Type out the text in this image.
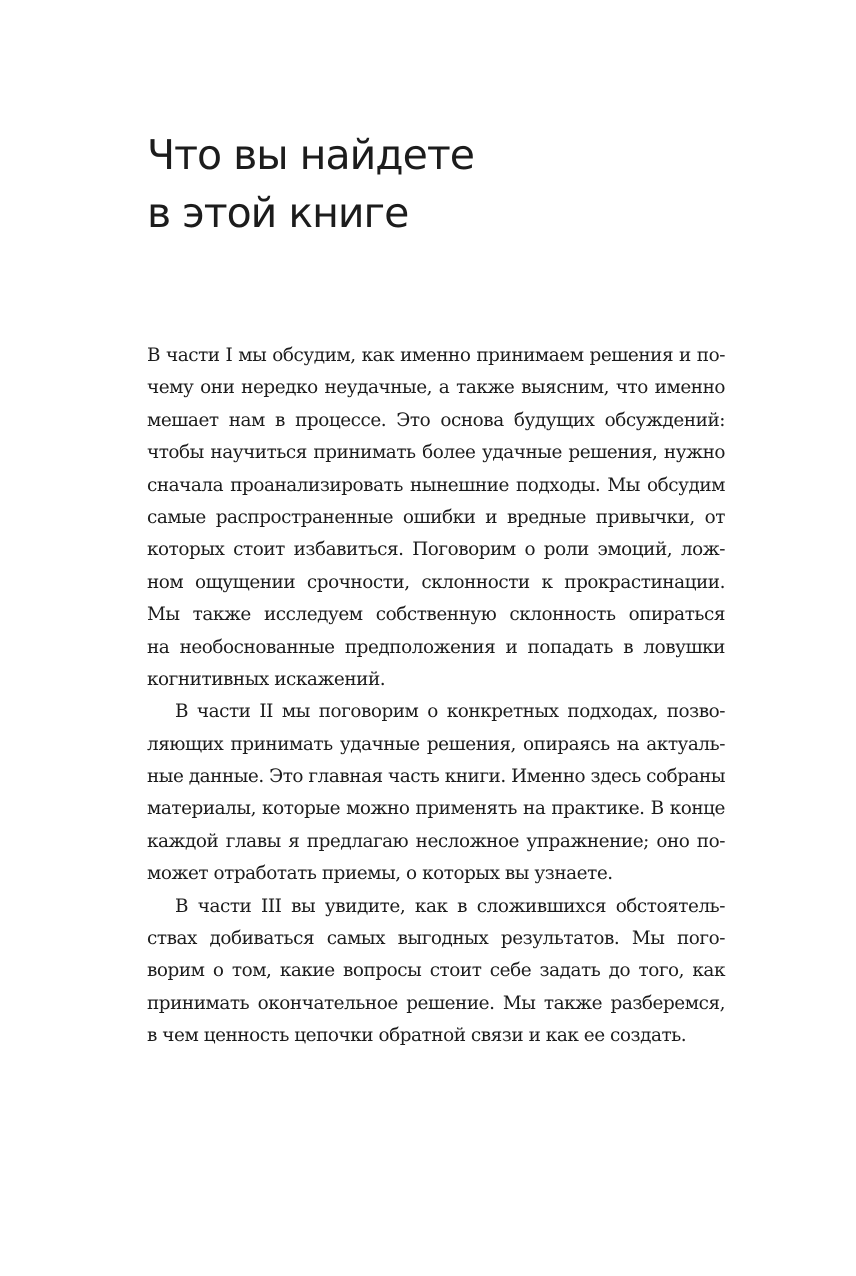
Что вы найдете
в этой книге

В части I мы обсудим, как именно принимаем решения и по-
чему они нередко неудачные, а также выясним, что именно
мешает нам в процессе. Это основа будущих обсуждений:
чтобы научиться принимать более удачные решения, нужно
сначала проанализировать нынешние подходы. Мы обсудим
самые распространенные ошибки и вредные привычки, от
которых стоит избавиться. Поговорим о роли эмоций, лож-
ном ощущении срочности, склонности к прокрастинации.
Мы также исследуем собственную склонность опираться
на необоснованные предположения и попадать в ловушки
когнитивных искажений.

В части II мы поговорим о конкретных подходах, позво-
ляющих принимать удачные решения, опираясь на актуаль-
ные данные. Это главная часть книги. Именно здесь собраны
материалы, которые можно применять на практике. В конце
каждой главы я предлагаю несложное упражнение; оно по-
может отработать приемы, о которых вы узнаете.

В части III вы увидите, как в сложившихся обстоятель-
ствах добиваться самых выгодных результатов. Мы пого-
ворим о том, какие вопросы стоит себе задать до того, как
принимать окончательное решение. Мы также разберемся,
в чем ценность цепочки обратной связи и как ее создать.
